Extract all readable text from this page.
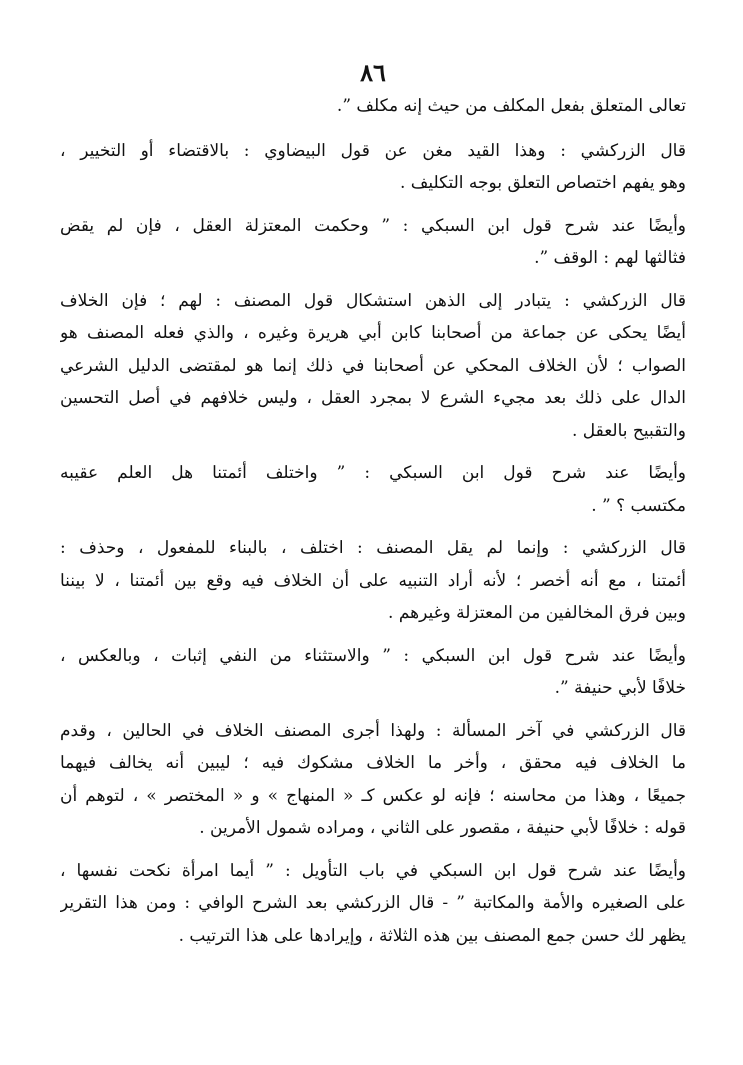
٨٦
تعالى المتعلق بفعل المكلف من حيث إنه مكلف ”.
قال الزركشي : وهذا القيد مغن عن قول البيضاوي : بالاقتضاء أو التخيير ،
وهو يفهم اختصاص التعلق بوجه التكليف .
وأيضًا عند شرح قول ابن السبكي : ” وحكمت المعتزلة العقل ، فإن لم يقض
فثالثها لهم : الوقف ”.
قال الزركشي : يتبادر إلى الذهن استشكال قول المصنف : لهم ؛ فإن الخلاف
أيضًا يحكى عن جماعة من أصحابنا كابن أبي هريرة وغيره ، والذي فعله المصنف هو
الصواب ؛ لأن الخلاف المحكي عن أصحابنا في ذلك إنما هو لمقتضى الدليل الشرعي
الدال على ذلك بعد مجيء الشرع لا بمجرد العقل ، وليس خلافهم في أصل التحسين
والتقبيح بالعقل .
وأيضًا عند شرح قول ابن السبكي : ” واختلف أئمتنا هل العلم عقيبه
مكتسب ؟ ” .
قال الزركشي : وإنما لم يقل المصنف : اختلف ، بالبناء للمفعول ، وحذف :
أئمتنا ، مع أنه أخصر ؛ لأنه أراد التنبيه على أن الخلاف فيه وقع بين أئمتنا ، لا بيننا
وبين فرق المخالفين من المعتزلة وغيرهم .
وأيضًا عند شرح قول ابن السبكي : ” والاستثناء من النفي إثبات ، وبالعكس ،
خلافًا لأبي حنيفة ”.
قال الزركشي في آخر المسألة : ولهذا أجرى المصنف الخلاف في الحالين ، وقدم
ما الخلاف فيه محقق ، وأخر ما الخلاف مشكوك فيه ؛ ليبين أنه يخالف فيهما
جميعًا ، وهذا من محاسنه ؛ فإنه لو عكس كـ « المنهاج » و « المختصر » ، لتوهم أن
قوله : خلافًا لأبي حنيفة ، مقصور على الثاني ، ومراده شمول الأمرين .
وأيضًا عند شرح قول ابن السبكي في باب التأويل : ” أيما امرأة نكحت نفسها ،
على الصغيره والأمة والمكاتبة ” - قال الزركشي بعد الشرح الوافي : ومن هذا التقرير
يظهر لك حسن جمع المصنف بين هذه الثلاثة ، وإيرادها على هذا الترتيب .
